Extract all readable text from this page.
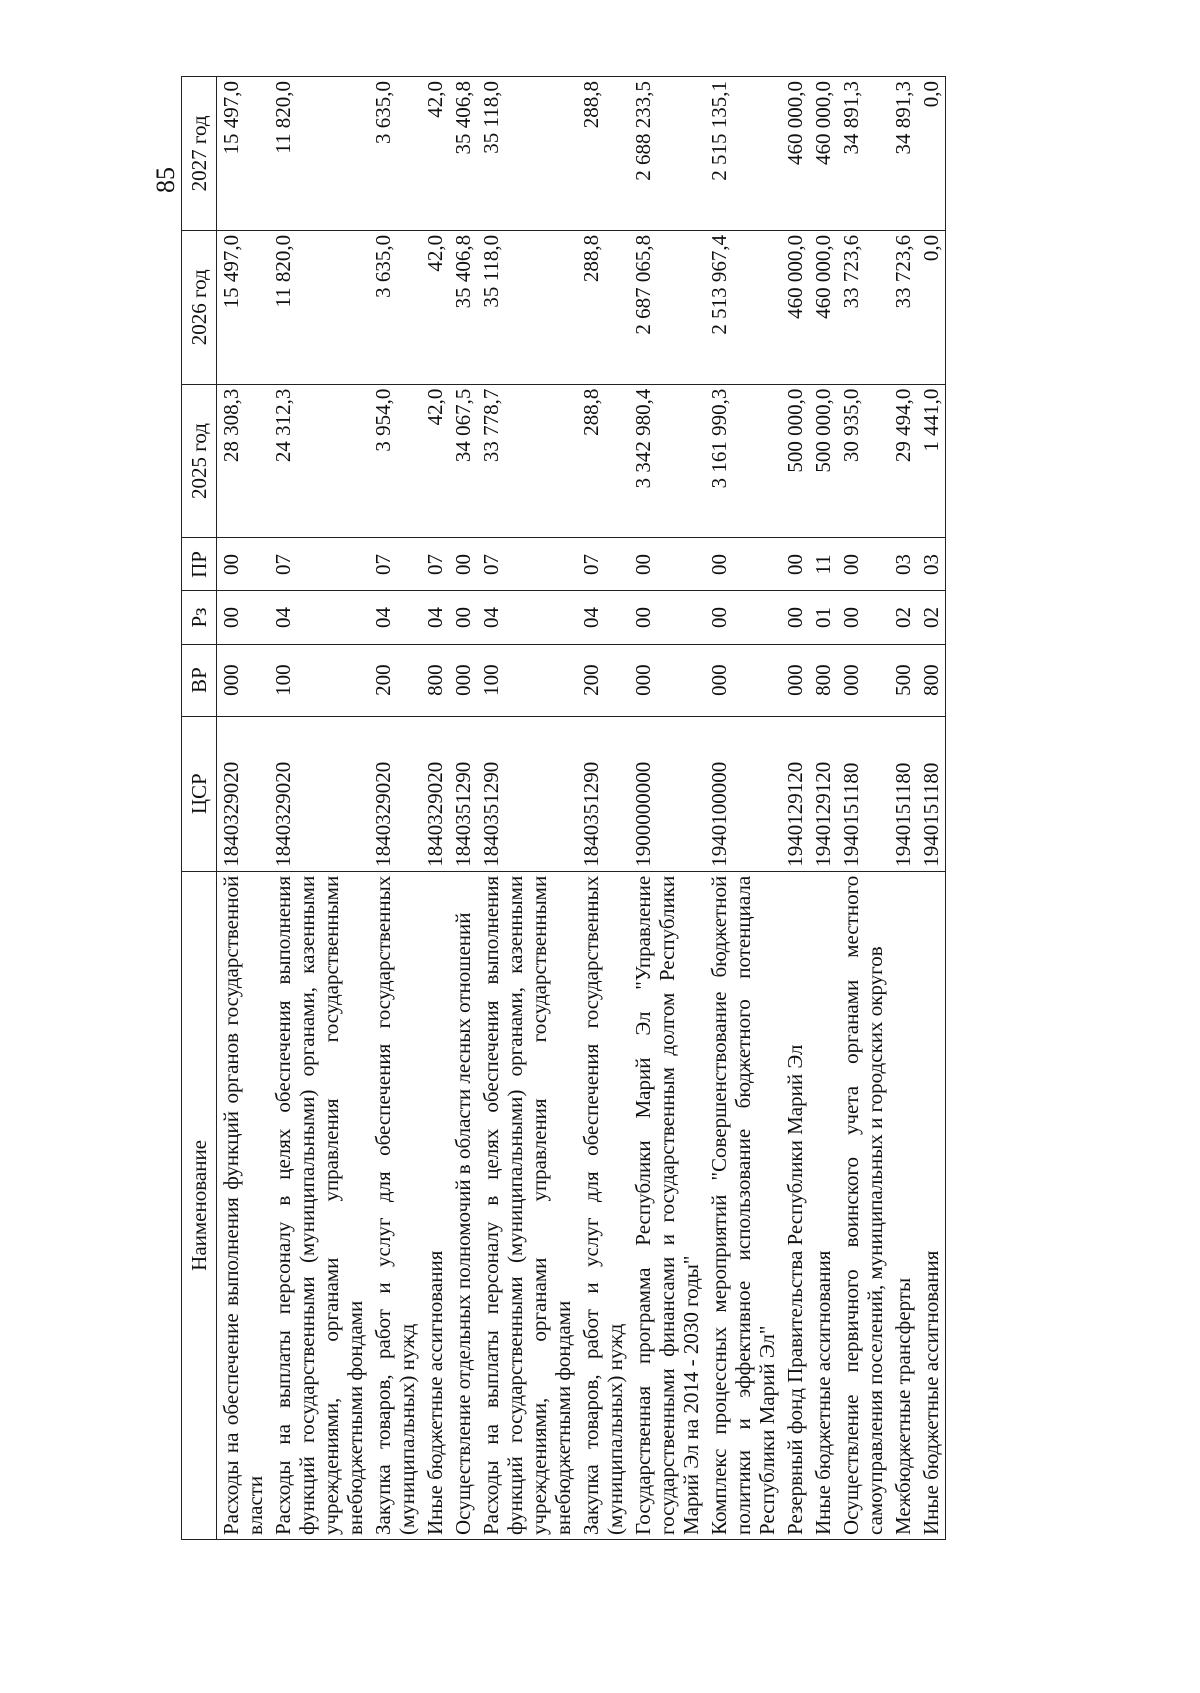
85
Наименование	ЦСР	ВР	Рз	ПР	2025 год	2026 год	2027 год
Расходы на обеспечение выполнения функций органов государственной власти	1840329020	000	00	00	28 308,3	15 497,0	15 497,0
Расходы на выплаты персоналу в целях обеспечения выполнения функций государственными (муниципальными) органами, казенными учреждениями, органами управления государственными внебюджетными фондами	1840329020	100	04	07	24 312,3	11 820,0	11 820,0
Закупка товаров, работ и услуг для обеспечения государственных (муниципальных) нужд	1840329020	200	04	07	3 954,0	3 635,0	3 635,0
Иные бюджетные ассигнования	1840329020	800	04	07	42,0	42,0	42,0
Осуществление отдельных полномочий в области лесных отношений	1840351290	000	00	00	34 067,5	35 406,8	35 406,8
Расходы на выплаты персоналу в целях обеспечения выполнения функций государственными (муниципальными) органами, казенными учреждениями, органами управления государственными внебюджетными фондами	1840351290	100	04	07	33 778,7	35 118,0	35 118,0
Закупка товаров, работ и услуг для обеспечения государственных (муниципальных) нужд	1840351290	200	04	07	288,8	288,8	288,8
Государственная программа Республики Марий Эл "Управление государственными финансами и государственным долгом Республики Марий Эл на 2014 - 2030 годы"	1900000000	000	00	00	3 342 980,4	2 687 065,8	2 688 233,5
Комплекс процессных мероприятий "Совершенствование бюджетной политики и эффективное использование бюджетного потенциала Республики Марий Эл"	1940100000	000	00	00	3 161 990,3	2 513 967,4	2 515 135,1
Резервный фонд Правительства Республики Марий Эл	1940129120	000	00	00	500 000,0	460 000,0	460 000,0
Иные бюджетные ассигнования	1940129120	800	01	11	500 000,0	460 000,0	460 000,0
Осуществление первичного воинского учета органами местного самоуправления поселений, муниципальных и городских округов	1940151180	000	00	00	30 935,0	33 723,6	34 891,3
Межбюджетные трансферты	1940151180	500	02	03	29 494,0	33 723,6	34 891,3
Иные бюджетные ассигнования	1940151180	800	02	03	1 441,0	0,0	0,0
